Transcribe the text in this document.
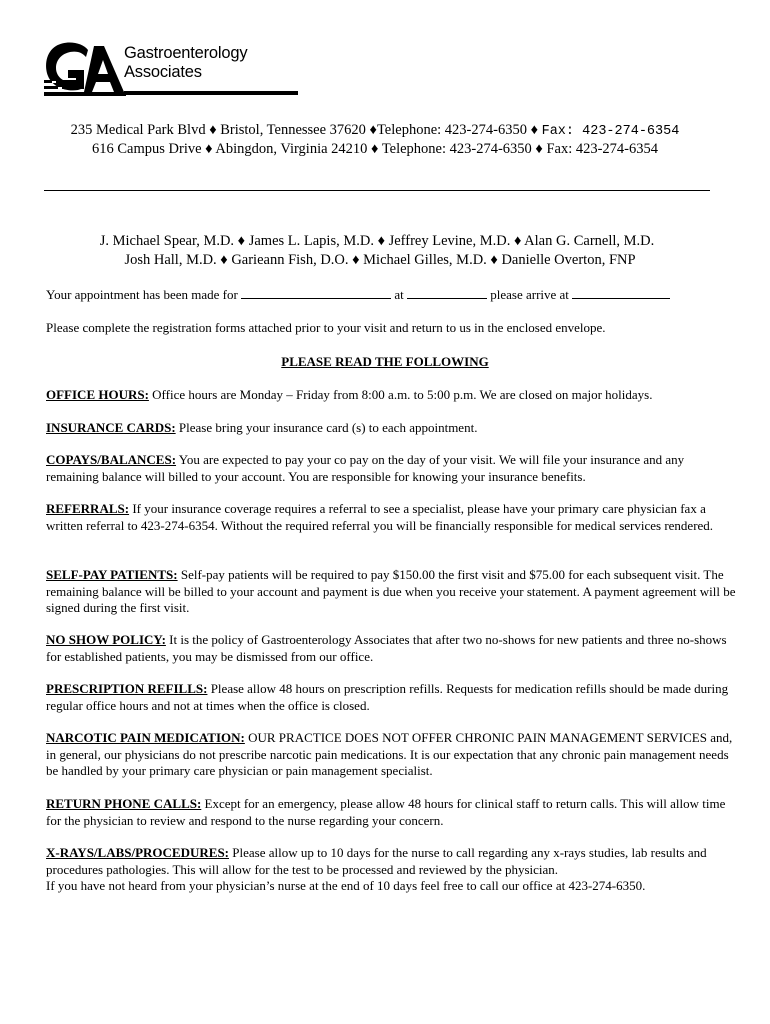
Gastroenterology
Associates
235 Medical Park Blvd ♦ Bristol, Tennessee 37620 ♦Telephone: 423-274-6350 ♦ Fax: 423-274-6354
616 Campus Drive ♦ Abingdon, Virginia 24210 ♦ Telephone: 423-274-6350 ♦ Fax: 423-274-6354
J. Michael Spear, M.D. ♦ James L. Lapis, M.D. ♦ Jeffrey Levine, M.D. ♦ Alan G. Carnell, M.D.
Josh Hall, M.D. ♦ Garieann Fish, D.O. ♦ Michael Gilles, M.D. ♦ Danielle Overton, FNP
Your appointment has been made for	at	please arrive at
Please complete the registration forms attached prior to your visit and return to us in the enclosed envelope.
PLEASE READ THE FOLLOWING
OFFICE HOURS: Office hours are Monday – Friday from 8:00 a.m. to 5:00 p.m. We are closed on major holidays.
INSURANCE CARDS: Please bring your insurance card (s) to each appointment.
COPAYS/BALANCES: You are expected to pay your co pay on the day of your visit. We will file your insurance and any remaining balance will billed to your account. You are responsible for knowing your insurance benefits.
REFERRALS: If your insurance coverage requires a referral to see a specialist, please have your primary care physician fax a written referral to 423-274-6354. Without the required referral you will be financially responsible for medical services rendered.
SELF-PAY PATIENTS: Self-pay patients will be required to pay $150.00 the first visit and $75.00 for each subsequent visit. The remaining balance will be billed to your account and payment is due when you receive your statement. A payment agreement will be signed during the first visit.
NO SHOW POLICY: It is the policy of Gastroenterology Associates that after two no-shows for new patients and three no-shows for established patients, you may be dismissed from our office.
PRESCRIPTION REFILLS: Please allow 48 hours on prescription refills. Requests for medication refills should be made during regular office hours and not at times when the office is closed.
NARCOTIC PAIN MEDICATION: OUR PRACTICE DOES NOT OFFER CHRONIC PAIN MANAGEMENT SERVICES and, in general, our physicians do not prescribe narcotic pain medications. It is our expectation that any chronic pain management needs be handled by your primary care physician or pain management specialist.
RETURN PHONE CALLS: Except for an emergency, please allow 48 hours for clinical staff to return calls. This will allow time for the physician to review and respond to the nurse regarding your concern.
X-RAYS/LABS/PROCEDURES: Please allow up to 10 days for the nurse to call regarding any x-rays studies, lab results and procedures pathologies. This will allow for the test to be processed and reviewed by the physician.
If you have not heard from your physician’s nurse at the end of 10 days feel free to call our office at 423-274-6350.
